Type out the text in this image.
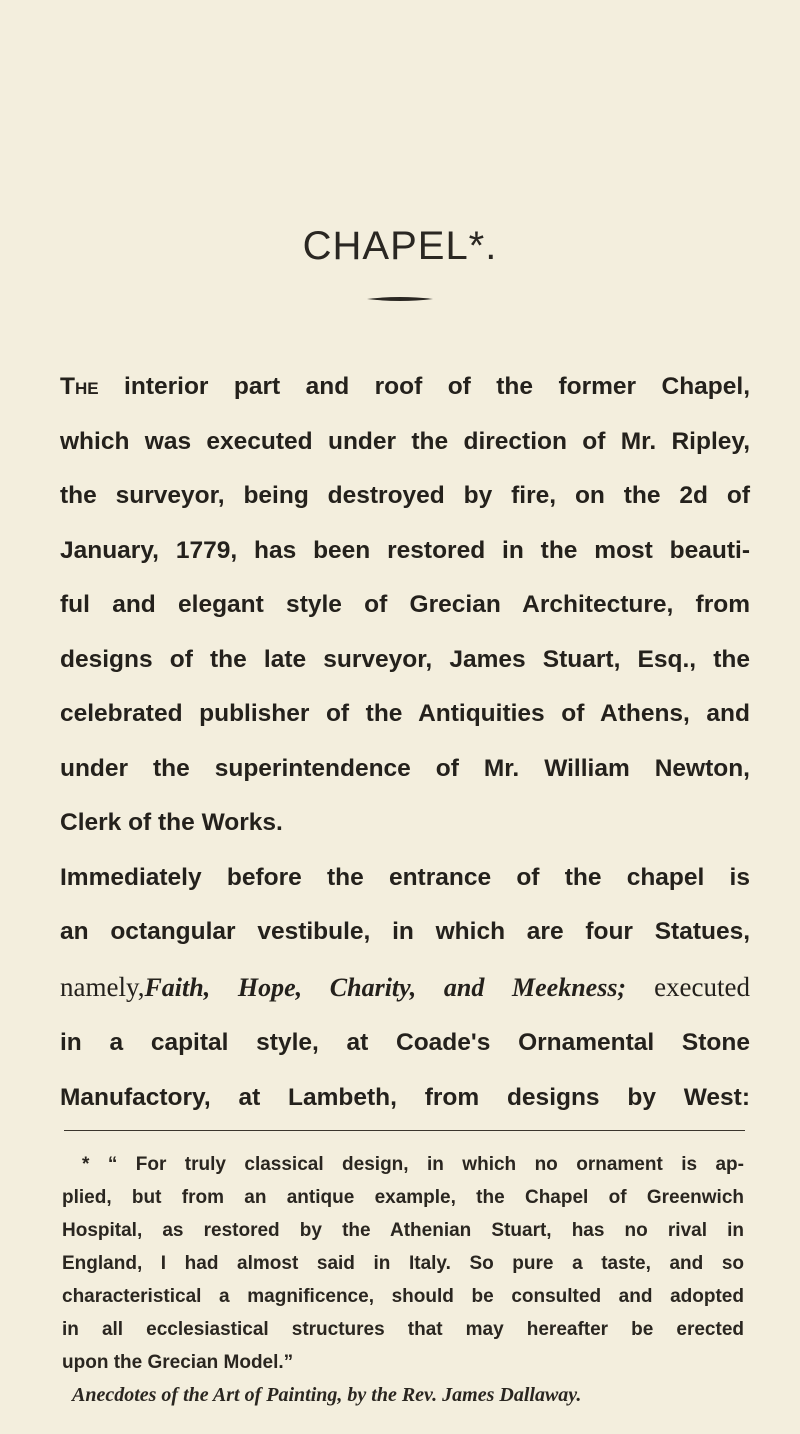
CHAPEL*.
The interior part and roof of the former Chapel,
which was executed under the direction of Mr. Ripley,
the surveyor, being destroyed by fire, on the 2d of
January, 1779, has been restored in the most beauti-
ful and elegant style of Grecian Architecture, from
designs of the late surveyor, James Stuart, Esq., the
celebrated publisher of the Antiquities of Athens, and
under the superintendence of Mr. William Newton,
Clerk of the Works.
Immediately before the entrance of the chapel is
an octangular vestibule, in which are four Statues,
namely,Faith, Hope, Charity, and Meekness; executed
in a capital style, at Coade's Ornamental Stone
Manufactory, at Lambeth, from designs by West:
* “ For truly classical design, in which no ornament is ap-
plied, but from an antique example, the Chapel of Greenwich
Hospital, as restored by the Athenian Stuart, has no rival in
England, I had almost said in Italy. So pure a taste, and so
characteristical a magnificence, should be consulted and adopted
in all ecclesiastical structures that may hereafter be erected
upon the Grecian Model.”
Anecdotes of the Art of Painting, by the Rev. James Dallaway.
